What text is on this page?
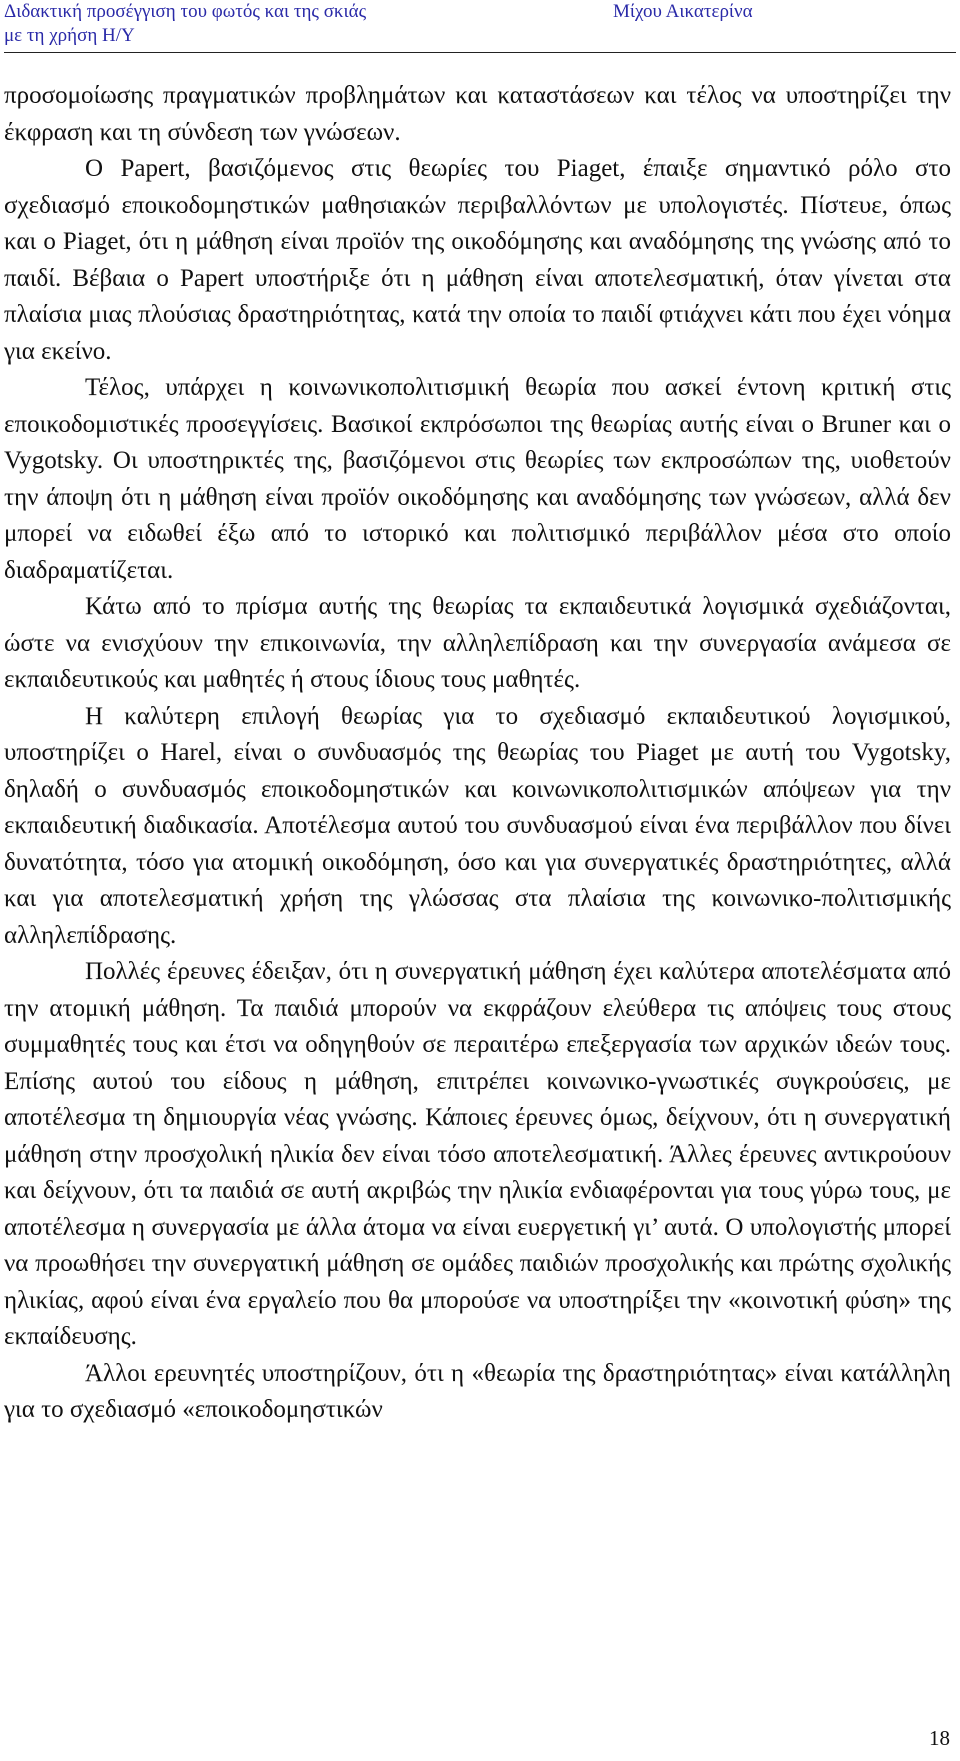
Διδακτική προσέγγιση του φωτός και της σκιάς
με τη χρήση Η/Υ
Μίχου Αικατερίνα

προσομοίωσης πραγματικών προβλημάτων και καταστάσεων και τέλος να υποστηρίζει την έκφραση και τη σύνδεση των γνώσεων.

Ο Papert, βασιζόμενος στις θεωρίες του Piaget, έπαιξε σημαντικό ρόλο στο σχεδιασμό εποικοδομηστικών μαθησιακών περιβαλλόντων με υπολογιστές. Πίστευε, όπως και ο Piaget, ότι η μάθηση είναι προϊόν της οικοδόμησης και αναδόμησης της γνώσης από το παιδί. Βέβαια ο Papert υποστήριξε ότι η μάθηση είναι αποτελεσματική, όταν γίνεται στα πλαίσια μιας πλούσιας δραστηριότητας, κατά την οποία το παιδί φτιάχνει κάτι που έχει νόημα για εκείνο.

Τέλος, υπάρχει η κοινωνικοπολιτισμική θεωρία που ασκεί έντονη κριτική στις εποικοδομιστικές προσεγγίσεις. Βασικοί εκπρόσωποι της θεωρίας αυτής είναι ο Bruner και ο Vygotsky. Οι υποστηρικτές της, βασιζόμενοι στις θεωρίες των εκπροσώπων της, υιοθετούν την άποψη ότι η μάθηση είναι προϊόν οικοδόμησης και αναδόμησης των γνώσεων, αλλά δεν μπορεί να ειδωθεί έξω από το ιστορικό και πολιτισμικό περιβάλλον μέσα στο οποίο διαδραματίζεται.

Κάτω από το πρίσμα αυτής της θεωρίας τα εκπαιδευτικά λογισμικά σχεδιάζονται, ώστε να ενισχύουν την επικοινωνία, την αλληλεπίδραση και την συνεργασία ανάμεσα σε εκπαιδευτικούς και μαθητές ή στους ίδιους τους μαθητές.

Η καλύτερη επιλογή θεωρίας για το σχεδιασμό εκπαιδευτικού λογισμικού, υποστηρίζει ο Harel, είναι ο συνδυασμός της θεωρίας του Piaget με αυτή του Vygotsky, δηλαδή ο συνδυασμός εποικοδομηστικών και κοινωνικοπολιτισμικών απόψεων για την εκπαιδευτική διαδικασία. Αποτέλεσμα αυτού του συνδυασμού είναι ένα περιβάλλον που δίνει δυνατότητα, τόσο για ατομική οικοδόμηση, όσο και για συνεργατικές δραστηριότητες, αλλά και για αποτελεσματική χρήση της γλώσσας στα πλαίσια της κοινωνικο-πολιτισμικής αλληλεπίδρασης.

Πολλές έρευνες έδειξαν, ότι η συνεργατική μάθηση έχει καλύτερα αποτελέσματα από την ατομική μάθηση. Τα παιδιά μπορούν να εκφράζουν ελεύθερα τις απόψεις τους στους συμμαθητές τους και έτσι να οδηγηθούν σε περαιτέρω επεξεργασία των αρχικών ιδεών τους. Επίσης αυτού του είδους η μάθηση, επιτρέπει κοινωνικο-γνωστικές συγκρούσεις, με αποτέλεσμα τη δημιουργία νέας γνώσης. Κάποιες έρευνες όμως, δείχνουν, ότι η συνεργατική μάθηση στην προσχολική ηλικία δεν είναι τόσο αποτελεσματική. Άλλες έρευνες αντικρούουν και δείχνουν, ότι τα παιδιά σε αυτή ακριβώς την ηλικία ενδιαφέρονται για τους γύρω τους, με αποτέλεσμα η συνεργασία με άλλα άτομα να είναι ευεργετική γι’ αυτά. Ο υπολογιστής μπορεί να προωθήσει την συνεργατική μάθηση σε ομάδες παιδιών προσχολικής και πρώτης σχολικής ηλικίας, αφού είναι ένα εργαλείο που θα μπορούσε να υποστηρίξει την «κοινοτική φύση» της εκπαίδευσης.

Άλλοι ερευνητές υποστηρίζουν, ότι η «θεωρία της δραστηριότητας» είναι κατάλληλη για το σχεδιασμό «εποικοδομηστικών

18
